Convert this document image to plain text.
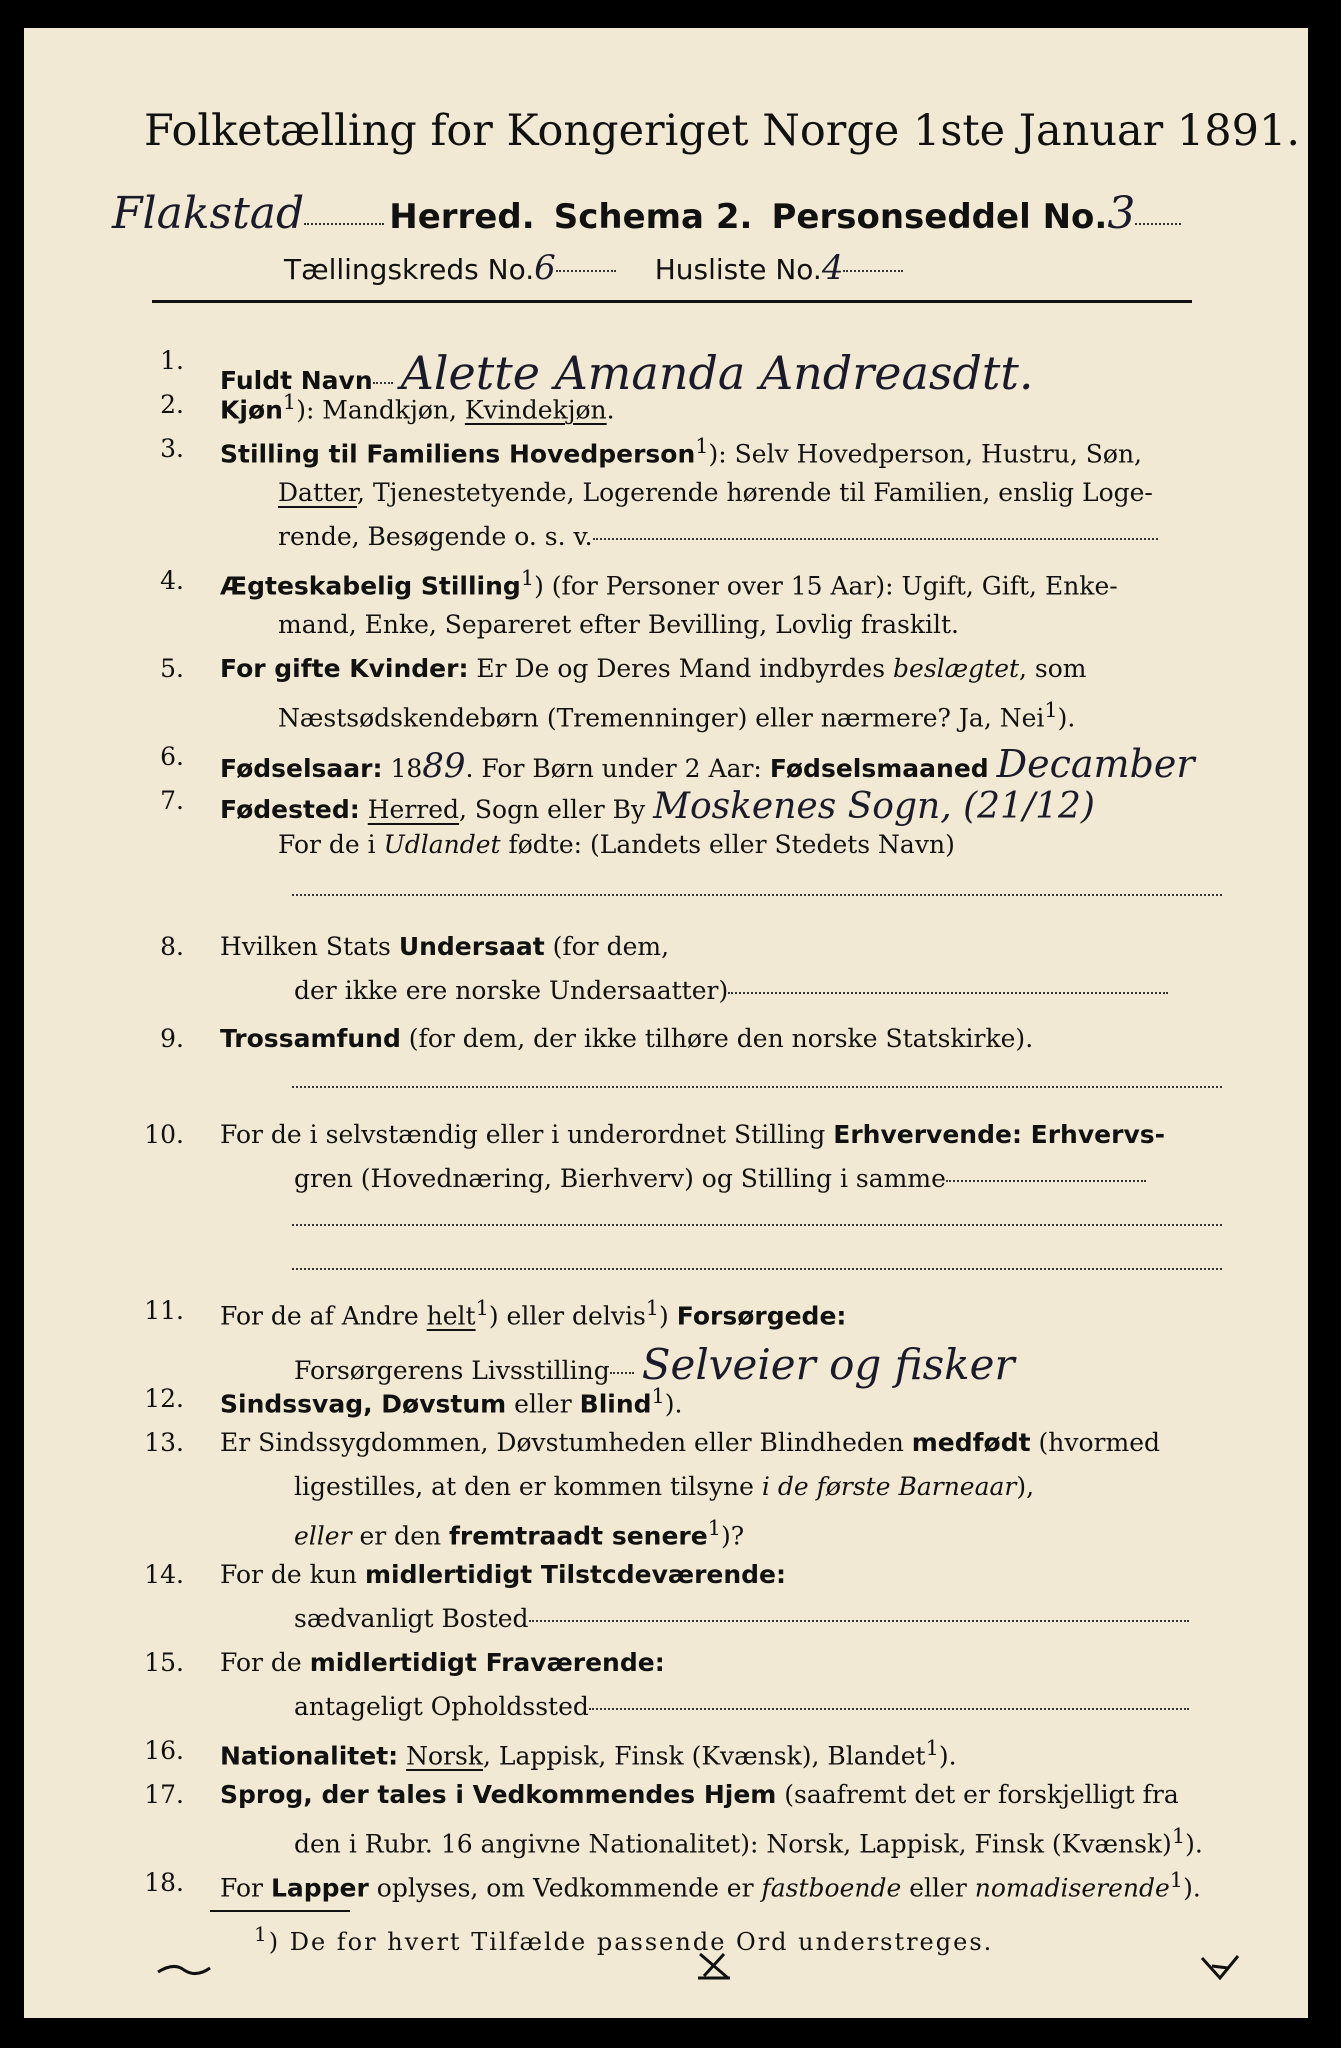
Folketælling for Kongeriget Norge 1ste Januar 1891.
Flakstad	Herred. Schema 2. Personseddel No.3
Tællingskreds No.6	Husliste No.4
1.
Fuldt Navn Alette Amanda Andreasdtt.
2. Kjøn$^1$): Mandkjøn, Kvindekjøn.
3. Stilling til Familiens Hovedperson$^1$): Selv Hovedperson, Hustru, Søn,
Datter, Tjenestetyende, Logerende hørende til Familien, enslig Loge-
rende, Besøgende o. s. v.
4. Ægteskabelig Stilling$^1$) (for Personer over 15 Aar): Ugift, Gift, Enke-
mand, Enke, Separeret efter Bevilling, Lovlig fraskilt.
5. For gifte Kvinder: Er De og Deres Mand indbyrdes beslægtet, som
Næstsødskendebørn (Tremenninger) eller nærmere? Ja, Nei$^1$).
6. Fødselsaar: 1889. For Børn under 2 Aar: Fødselsmaaned Decamber
7. Fødested: Herred, Sogn eller By Moskenes Sogn, (21/12)
For de i Udlandet fødte: (Landets eller Stedets Navn)
8. Hvilken Stats Undersaat (for dem,
der ikke ere norske Undersaatter)
9. Trossamfund (for dem, der ikke tilhøre den norske Statskirke).
10. For de i selvstændig eller i underordnet Stilling Erhvervende: Erhvervs-
gren (Hovednæring, Bierhverv) og Stilling i samme
11. For de af Andre helt$^1$) eller delvis$^1$) Forsørgede:
Forsørgerens Livsstilling Selveier og fisker
12. Sindssvag, Døvstum eller Blind$^1$).
13. Er Sindssygdommen, Døvstumheden eller Blindheden medfødt (hvormed
ligestilles, at den er kommen tilsyne i de første Barneaar),
eller er den fremtraadt senere$^1$)?
14. For de kun midlertidigt Tilstcdeværende:
sædvanligt Bosted
15. For de midlertidigt Fraværende:
antageligt Opholdssted
16. Nationalitet: Norsk, Lappisk, Finsk (Kvænsk), Blandet$^1$).
17. Sprog, der tales i Vedkommendes Hjem (saafremt det er forskjelligt fra
den i Rubr. 16 angivne Nationalitet): Norsk, Lappisk, Finsk (Kvænsk)$^1$).
18. For Lapper oplyses, om Vedkommende er fastboende eller nomadiserende$^1$).
$^1$) De for hvert Tilfælde passende Ord understreges.
